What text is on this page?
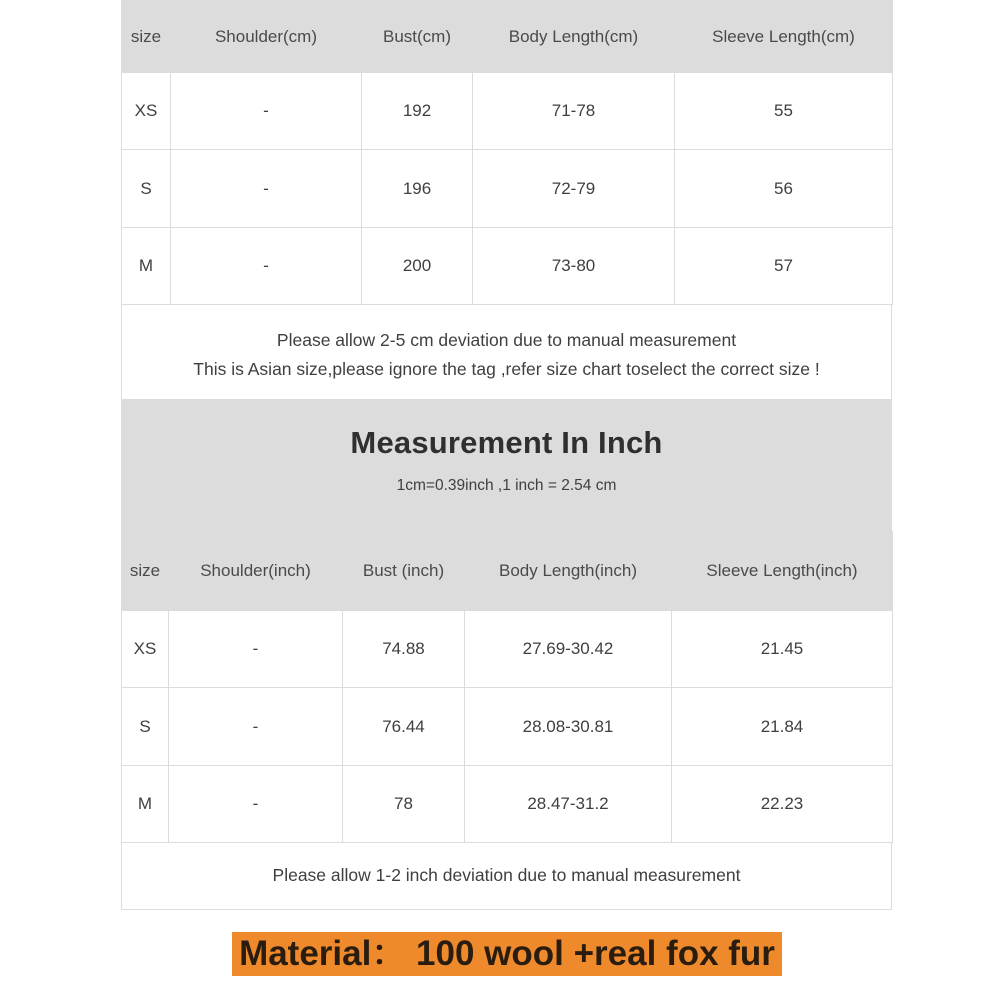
size	Shoulder(cm)	Bust(cm)	Body Length(cm)	Sleeve Length(cm)
XS	-	192	71-78	55
S	-	196	72-79	56
M	-	200	73-80	57
Please allow 2-5 cm deviation due to manual measurement
This is Asian size,please ignore the tag ,refer size chart toselect the correct size !
Measurement In Inch
1cm=0.39inch ,1 inch = 2.54 cm
size	Shoulder(inch)	Bust (inch)	Body Length(inch)	Sleeve Length(inch)
XS	-	74.88	27.69-30.42	21.45
S	-	76.44	28.08-30.81	21.84
M	-	78	28.47-31.2	22.23
Please allow 1-2 inch deviation due to manual measurement
Material： 100 wool +real fox fur
